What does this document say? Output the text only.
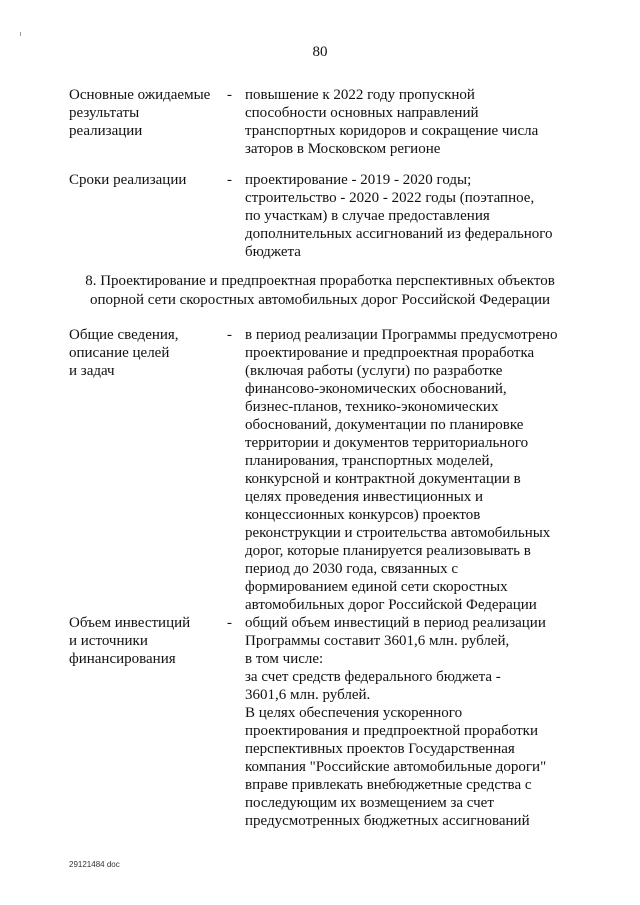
80
Основные ожидаемые
результаты
реализации
- повышение к 2022 году пропускной
способности основных направлений
транспортных коридоров и сокращение числа
заторов в Московском регионе
Сроки реализации	- проектирование - 2019 - 2020 годы;
строительство - 2020 - 2022 годы (поэтапное,
по участкам) в случае предоставления
дополнительных ассигнований из федерального
бюджета
8. Проектирование и предпроектная проработка перспективных объектов
опорной сети скоростных автомобильных дорог Российской Федерации
Общие сведения,
описание целей
и задач
- в период реализации Программы предусмотрено
проектирование и предпроектная проработка
(включая работы (услуги) по разработке
финансово-экономических обоснований,
бизнес-планов, технико-экономических
обоснований, документации по планировке
территории и документов территориального
планирования, транспортных моделей,
конкурсной и контрактной документации в
целях проведения инвестиционных и
концессионных конкурсов) проектов
реконструкции и строительства автомобильных
дорог, которые планируется реализовывать в
период до 2030 года, связанных с
формированием единой сети скоростных
автомобильных дорог Российской Федерации
Объем инвестиций
и источники
финансирования
- общий объем инвестиций в период реализации
Программы составит 3601,6 млн. рублей,
в том числе:
за счет средств федерального бюджета -
3601,6 млн. рублей.
В целях обеспечения ускоренного
проектирования и предпроектной проработки
перспективных проектов Государственная
компания "Российские автомобильные дороги"
вправе привлекать внебюджетные средства с
последующим их возмещением за счет
предусмотренных бюджетных ассигнований
29121484 doc
